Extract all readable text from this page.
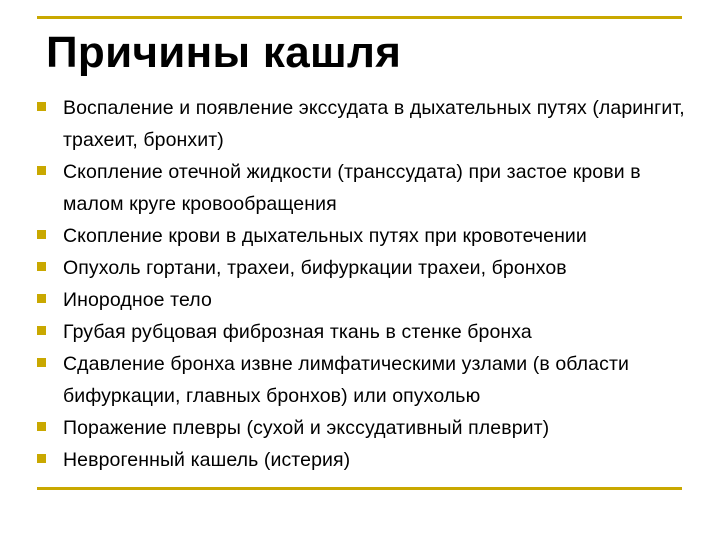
Причины кашля
Воспаление и появление экссудата в дыхательных путях (ларингит, трахеит, бронхит)
Скопление отечной жидкости (транссудата) при застое крови в малом круге кровообращения
Скопление крови в дыхательных путях при кровотечении
Опухоль гортани, трахеи, бифуркации трахеи, бронхов
Инородное тело
Грубая рубцовая фиброзная ткань в стенке бронха
Сдавление бронха извне лимфатическими узлами (в области бифуркации, главных бронхов) или опухолью
Поражение плевры (сухой и экссудативный плеврит)
Неврогенный кашель (истерия)
